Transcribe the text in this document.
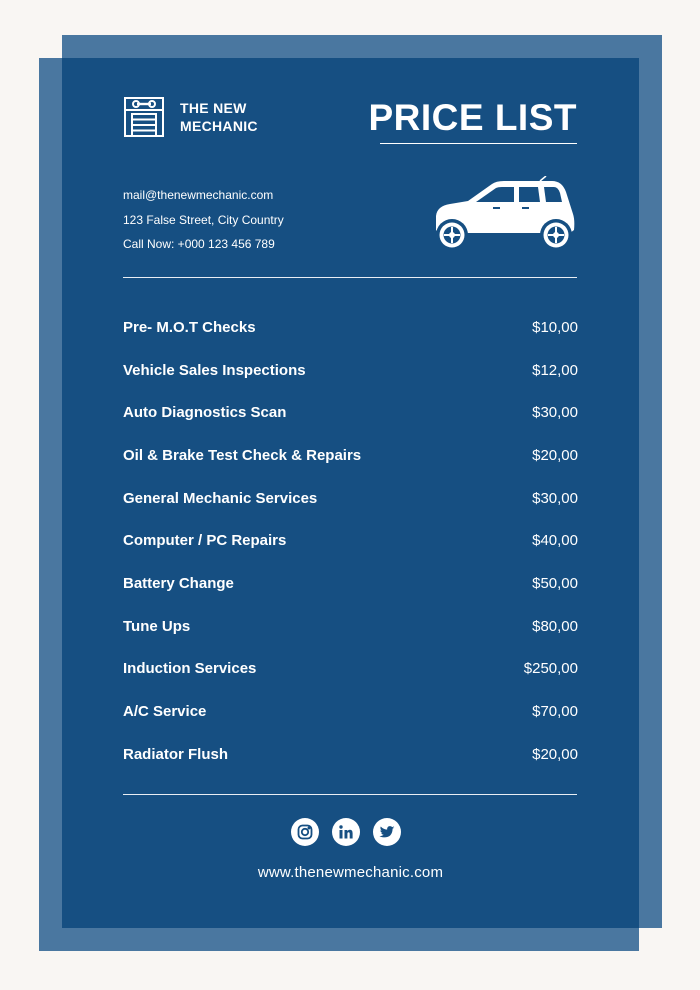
THE NEW
MECHANIC	PRICE LIST
mail@thenewmechanic.com
123 False Street, City Country
Call Now: +000 123 456 789
Pre- M.O.T Checks	$10,00
Vehicle Sales Inspections	$12,00
Auto Diagnostics Scan	$30,00
Oil & Brake Test Check & Repairs	$20,00
General Mechanic Services	$30,00
Computer / PC Repairs	$40,00
Battery Change	$50,00
Tune Ups	$80,00
Induction Services	$250,00
A/C Service	$70,00
Radiator Flush	$20,00
www.thenewmechanic.com
